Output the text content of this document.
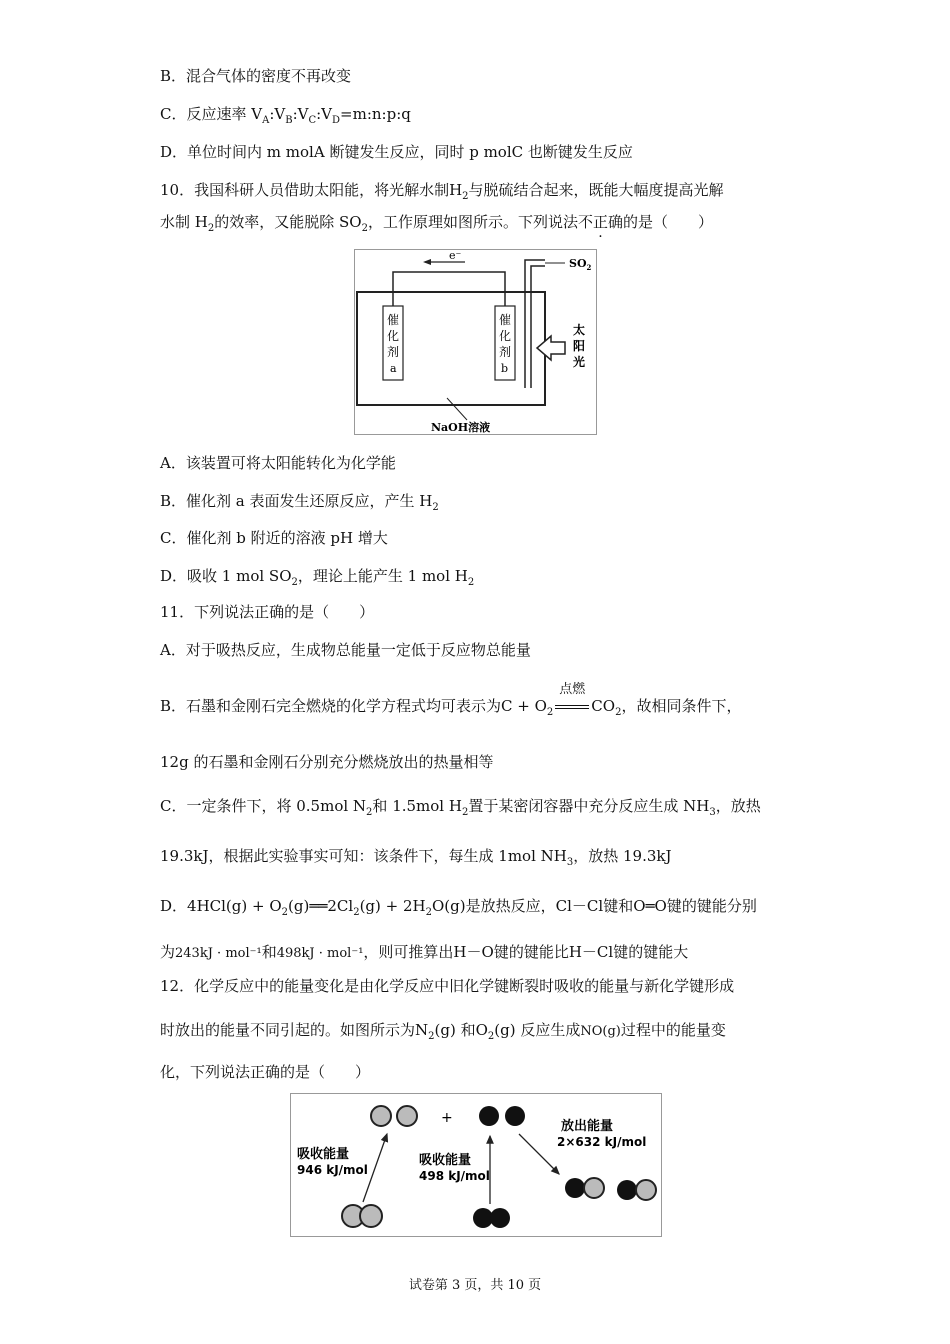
B．混合气体的密度不再改变
C．反应速率 $V_A:V_B:V_C:V_D=m:n:p:q$
D．单位时间内 m molA 断键发生反应，同时 p molC 也断键发生反应
10．我国科研人员借助太阳能，将光解水制$H_2$与脱硫结合起来，既能大幅度提高光解
水制 $H_2$的效率，又能脱除 $SO_2$，工作原理如图所示。下列说法不正确的是（　　）
e⁻
催
化
剂
a
催
化
剂
b
$SO_2$
太
阳
光
NaOH溶液
A．该装置可将太阳能转化为化学能
B．催化剂 a 表面发生还原反应，产生 $H_2$
C．催化剂 b 附近的溶液 pH 增大
D．吸收 1 mol $SO_2$，理论上能产生 1 mol $H_2$
11．下列说法正确的是（　　）
A．对于吸热反应，生成物总能量一定低于反应物总能量
B．石墨和金刚石完全燃烧的化学方程式均可表示为$C + O_2$
点燃
$CO_2$，故相同条件下，
12g 的石墨和金刚石分别充分燃烧放出的热量相等
C．一定条件下，将 0.5mol $N_2$和 1.5mol $H_2$置于某密闭容器中充分反应生成 $NH_3$，放热
19.3kJ，根据此实验事实可知：该条件下，每生成 1mol $NH_3$，放热 19.3kJ
D．$4HCl(g) + O_2(g)══2Cl_2(g) + 2H_2O(g)$是放热反应，Cl－Cl键和O═O键的键能分别
为243kJ · mol⁻¹和498kJ · mol⁻¹，则可推算出H－O键的键能比H－Cl键的键能大
12．化学反应中的能量变化是由化学反应中旧化学键断裂时吸收的能量与新化学键形成
时放出的能量不同引起的。如图所示为$N_2(g)$ 和$O_2(g)$ 反应生成NO(g)过程中的能量变
化，下列说法正确的是（　　）
+
吸收能量
946 kJ/mol
吸收能量
498 kJ/mol
放出能量
2×632 kJ/mol
试卷第 3 页，共 10 页
